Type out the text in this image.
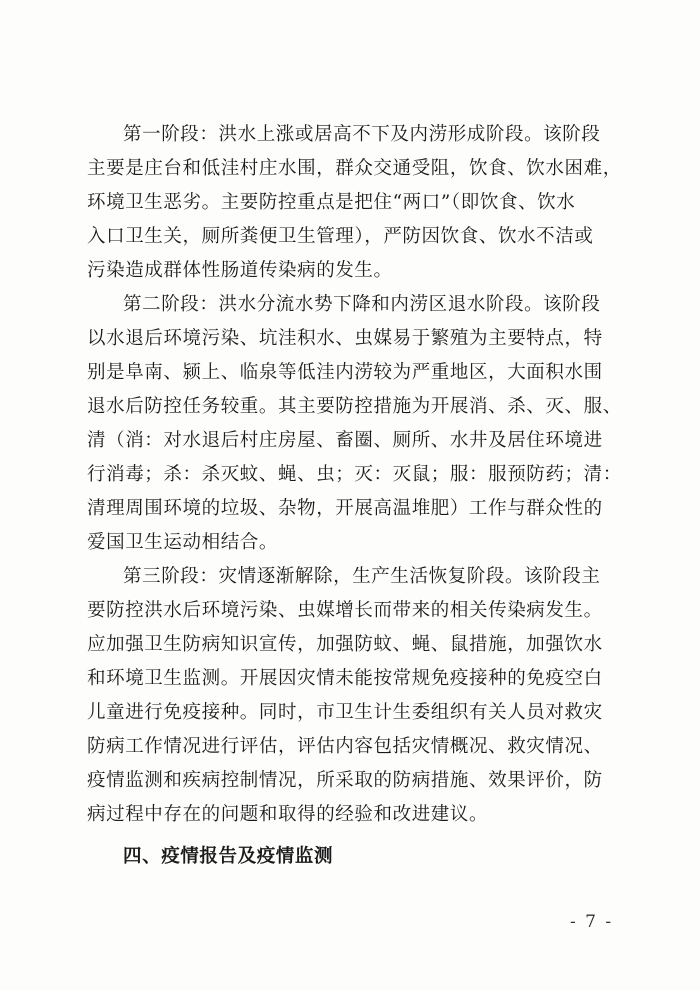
第一阶段：洪水上涨或居高不下及内涝形成阶段。该阶段
主要是庄台和低洼村庄水围，群众交通受阻，饮食、饮水困难，
环境卫生恶劣。主要防控重点是把住“两口”（即饮食、饮水
入口卫生关，厕所粪便卫生管理），严防因饮食、饮水不洁或
污染造成群体性肠道传染病的发生。
第二阶段：洪水分流水势下降和内涝区退水阶段。该阶段
以水退后环境污染、坑洼积水、虫媒易于繁殖为主要特点，特
别是阜南、颍上、临泉等低洼内涝较为严重地区，大面积水围
退水后防控任务较重。其主要防控措施为开展消、杀、灭、服、
清（消：对水退后村庄房屋、畜圈、厕所、水井及居住环境进
行消毒；杀：杀灭蚊、蝇、虫；灭：灭鼠；服：服预防药；清：
清理周围环境的垃圾、杂物，开展高温堆肥）工作与群众性的
爱国卫生运动相结合。
第三阶段：灾情逐渐解除，生产生活恢复阶段。该阶段主
要防控洪水后环境污染、虫媒增长而带来的相关传染病发生。
应加强卫生防病知识宣传，加强防蚊、蝇、鼠措施，加强饮水
和环境卫生监测。开展因灾情未能按常规免疫接种的免疫空白
儿童进行免疫接种。同时，市卫生计生委组织有关人员对救灾
防病工作情况进行评估，评估内容包括灾情概况、救灾情况、
疫情监测和疾病控制情况，所采取的防病措施、效果评价，防
病过程中存在的问题和取得的经验和改进建议。
四、疫情报告及疫情监测
- 7 -
